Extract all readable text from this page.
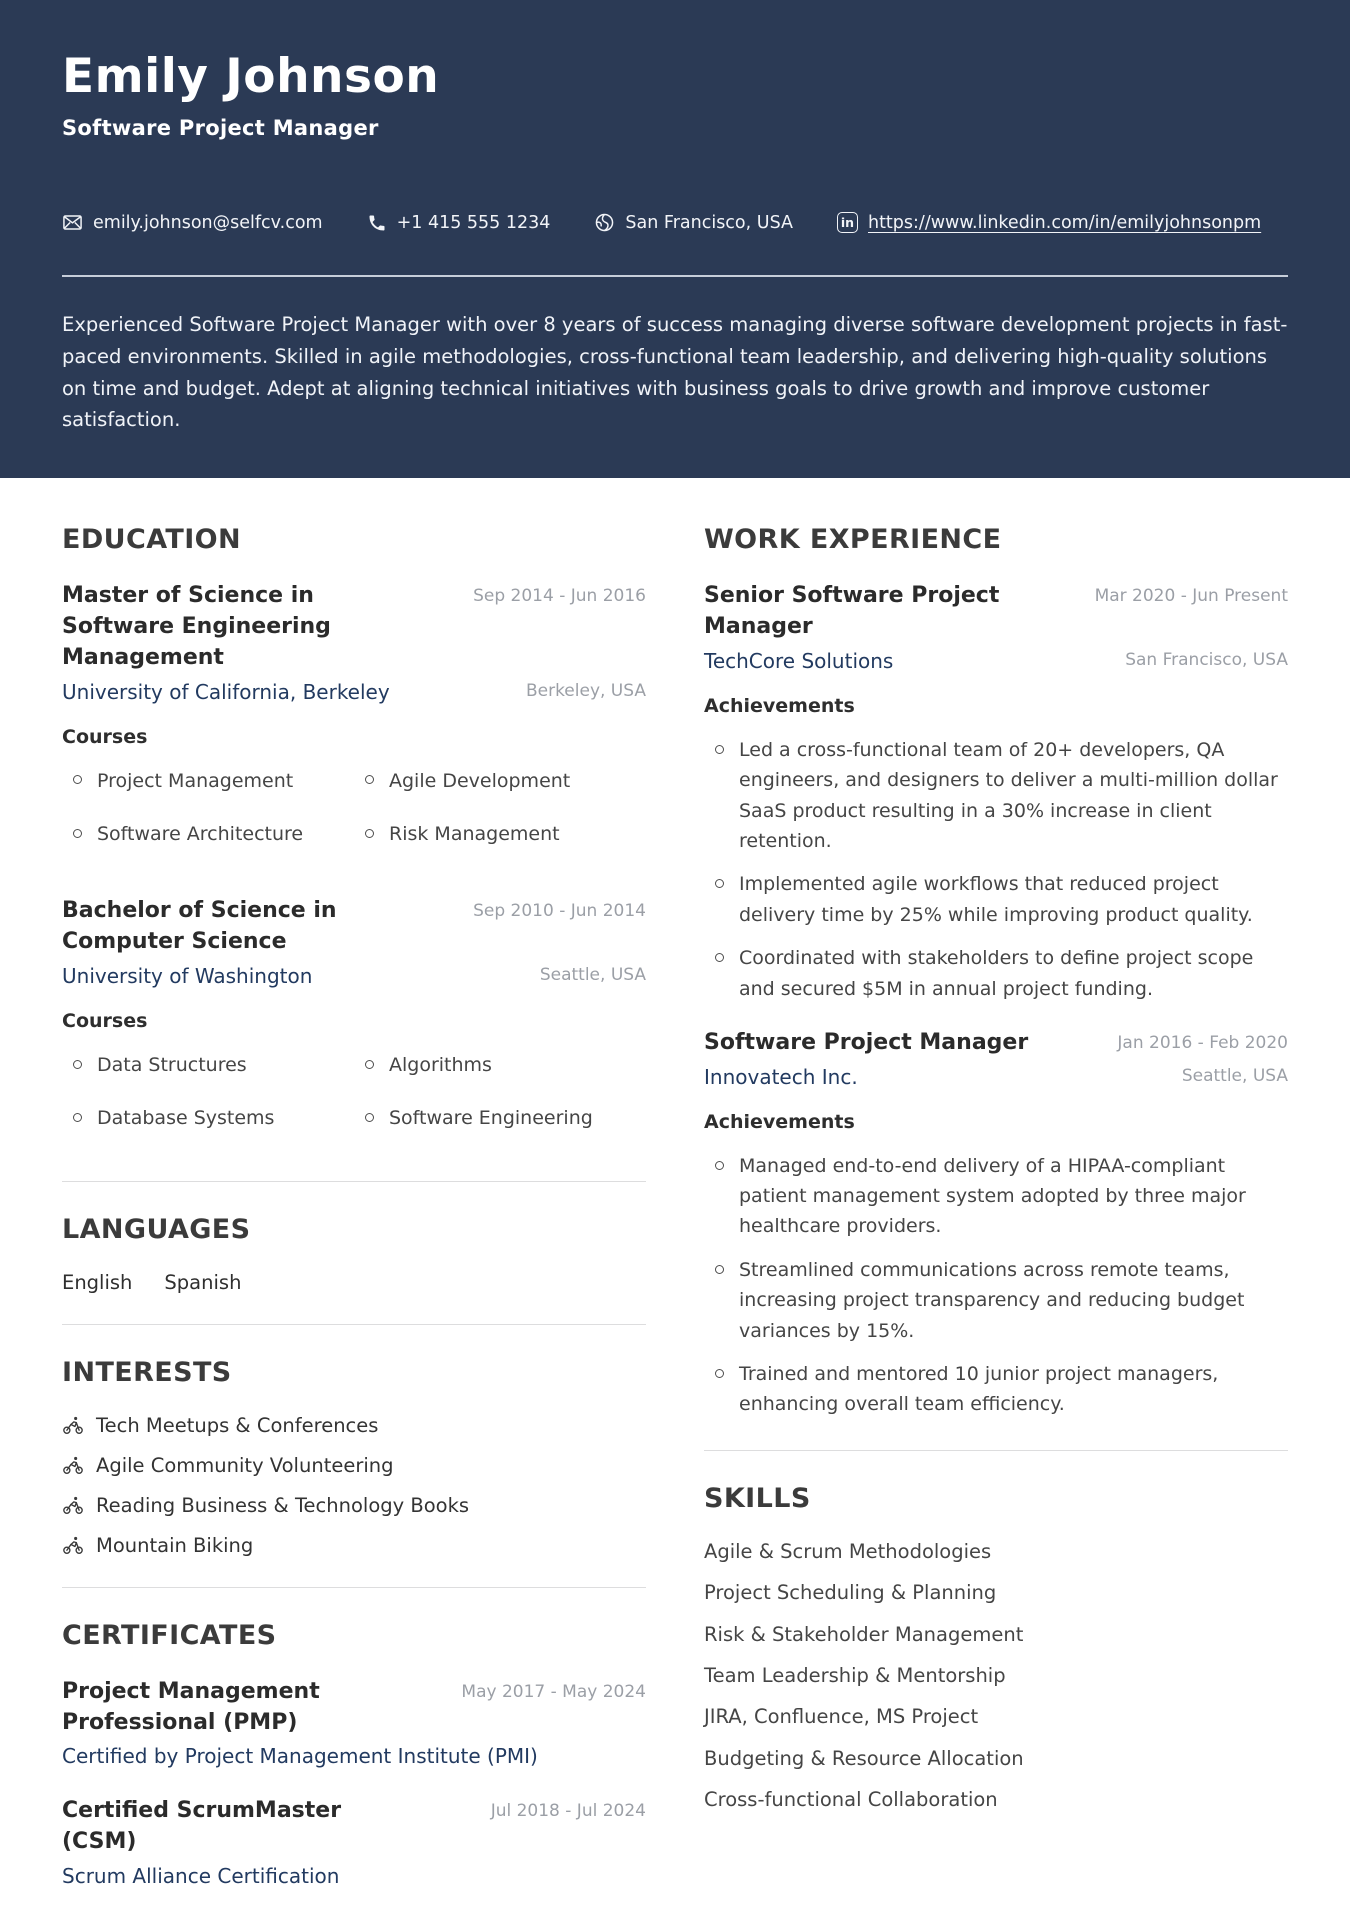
Emily Johnson
Software Project Manager
emily.johnson@selfcv.com	+1 415 555 1234	San Francisco, USA	in https://www.linkedin.com/in/emilyjohnsonpm
Experienced Software Project Manager with over 8 years of success managing diverse software development projects in fast-paced environments. Skilled in agile methodologies, cross-functional team leadership, and delivering high-quality solutions on time and budget. Adept at aligning technical initiatives with business goals to drive growth and improve customer satisfaction.
EDUCATION
Master of Science in Software Engineering Management
Sep 2014 - Jun 2016
University of California, Berkeley	Berkeley, USA
Courses
Project Management	Agile Development
Software Architecture	Risk Management
Bachelor of Science in Computer Science
Sep 2010 - Jun 2014
University of Washington	Seattle, USA
Courses
Data Structures	Algorithms
Database Systems	Software Engineering
LANGUAGES
English Spanish
INTERESTS
Tech Meetups & Conferences
Agile Community Volunteering
Reading Business & Technology Books
Mountain Biking
CERTIFICATES
Project Management Professional (PMP)
May 2017 - May 2024
Certified by Project Management Institute (PMI)
Certified ScrumMaster (CSM)
Jul 2018 - Jul 2024
Scrum Alliance Certification
WORK EXPERIENCE
Senior Software Project Manager
Mar 2020 - Jun Present
TechCore Solutions	San Francisco, USA
Achievements
Led a cross-functional team of 20+ developers, QA engineers, and designers to deliver a multi-million dollar SaaS product resulting in a 30% increase in client retention.
Implemented agile workflows that reduced project delivery time by 25% while improving product quality.
Coordinated with stakeholders to define project scope and secured $5M in annual project funding.
Software Project Manager	Jan 2016 - Feb 2020
Innovatech Inc.	Seattle, USA
Achievements
Managed end-to-end delivery of a HIPAA-compliant patient management system adopted by three major healthcare providers.
Streamlined communications across remote teams, increasing project transparency and reducing budget variances by 15%.
Trained and mentored 10 junior project managers, enhancing overall team efficiency.
SKILLS
Agile & Scrum Methodologies
Project Scheduling & Planning
Risk & Stakeholder Management
Team Leadership & Mentorship
JIRA, Confluence, MS Project
Budgeting & Resource Allocation
Cross-functional Collaboration
